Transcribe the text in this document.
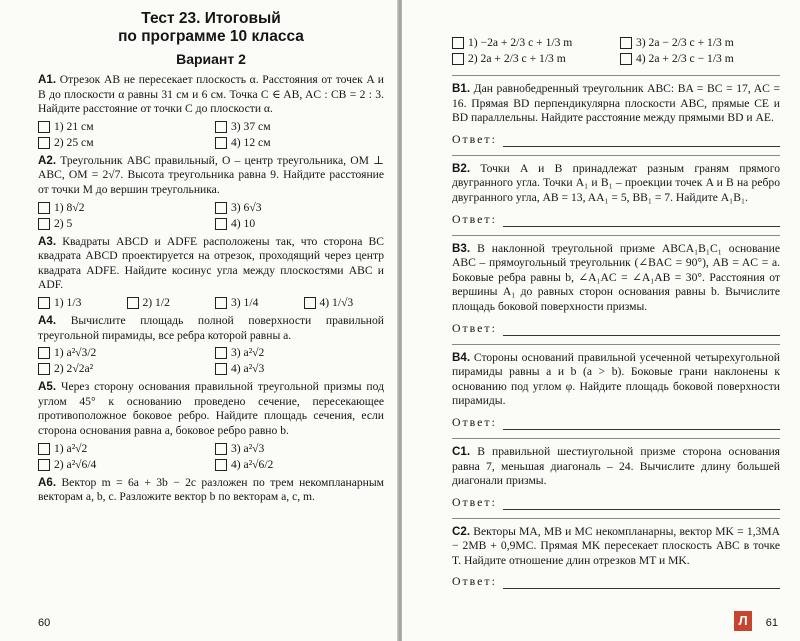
Тест 23. Итоговый
по программе 10 класса
Вариант 2
А1. Отрезок AB не пересекает плоскость α. Расстояния от точек A и B до плоскости α равны 31 см и 6 см. Точка C ∈ AB, AC : CB = 2 : 3. Найдите расстояние от точки C до плоскости α.
1) 21 см	3) 37 см
2) 25 см	4) 12 см
А2. Треугольник ABC правильный, O – центр треугольника, OM ⊥ ABC, OM = 2√7. Высота треугольника равна 9. Найдите расстояние от точки M до вершин треугольника.
1) 8√2	3) 6√3
2) 5	4) 10
А3. Квадраты ABCD и ADFE расположены так, что сторона BC квадрата ABCD проектируется на отрезок, проходящий через центр квадрата ADFE. Найдите косинус угла между плоскостями ABC и ADF.
1) 1/3	2) 1/2	3) 1/4	4) 1/√3
А4. Вычислите площадь полной поверхности правильной треугольной пирамиды, все ребра которой равны a.
1) a²√3/2	3) a²√2
2) 2√2a²	4) a²√3
А5. Через сторону основания правильной треугольной призмы под углом 45° к основанию проведено сечение, пересекающее противоположное боковое ребро. Найдите площадь сечения, если сторона основания равна a, боковое ребро равно b.
1) a²√2	3) a²√3
2) a²√6/4	4) a²√6/2
А6. Вектор m = 6a + 3b − 2c разложен по трем некомпланарным векторам a, b, c. Разложите вектор b по векторам a, c, m.
60
1) −2a + 2/3 c + 1/3 m	3) 2a − 2/3 c + 1/3 m
2) 2a + 2/3 c + 1/3 m	4) 2a + 2/3 c − 1/3 m
В1. Дан равнобедренный треугольник ABC: BA = BC = 17, AC = 16. Прямая BD перпендикулярна плоскости ABC, прямые CE и BD параллельны. Найдите расстояние между прямыми BD и AE.
Ответ:
В2. Точки A и B принадлежат разным граням прямого двугранного угла. Точки A₁ и B₁ – проекции точек A и B на ребро двугранного угла, AB = 13, AA₁ = 5, BB₁ = 7. Найдите A₁B₁.
Ответ:
В3. В наклонной треугольной призме ABCA₁B₁C₁ основание ABC – прямоугольный треугольник (∠BAC = 90°), AB = AC = a. Боковые ребра равны b, ∠A₁AC = ∠A₁AB = 30°. Расстояния от вершины A₁ до равных сторон основания равны b. Вычислите площадь боковой поверхности призмы.
Ответ:
В4. Стороны оснований правильной усеченной четырехугольной пирамиды равны a и b (a > b). Боковые грани наклонены к основанию под углом φ. Найдите площадь боковой поверхности пирамиды.
Ответ:
С1. В правильной шестиугольной призме сторона основания равна 7, меньшая диагональ – 24. Вычислите длину большей диагонали призмы.
Ответ:
С2. Векторы MA, MB и MC некомпланарны, вектор MK = 1,3MA − 2MB + 0,9MC. Прямая MK пересекает плоскость ABC в точке T. Найдите отношение длин отрезков MT и MK.
Ответ:
Л	61
